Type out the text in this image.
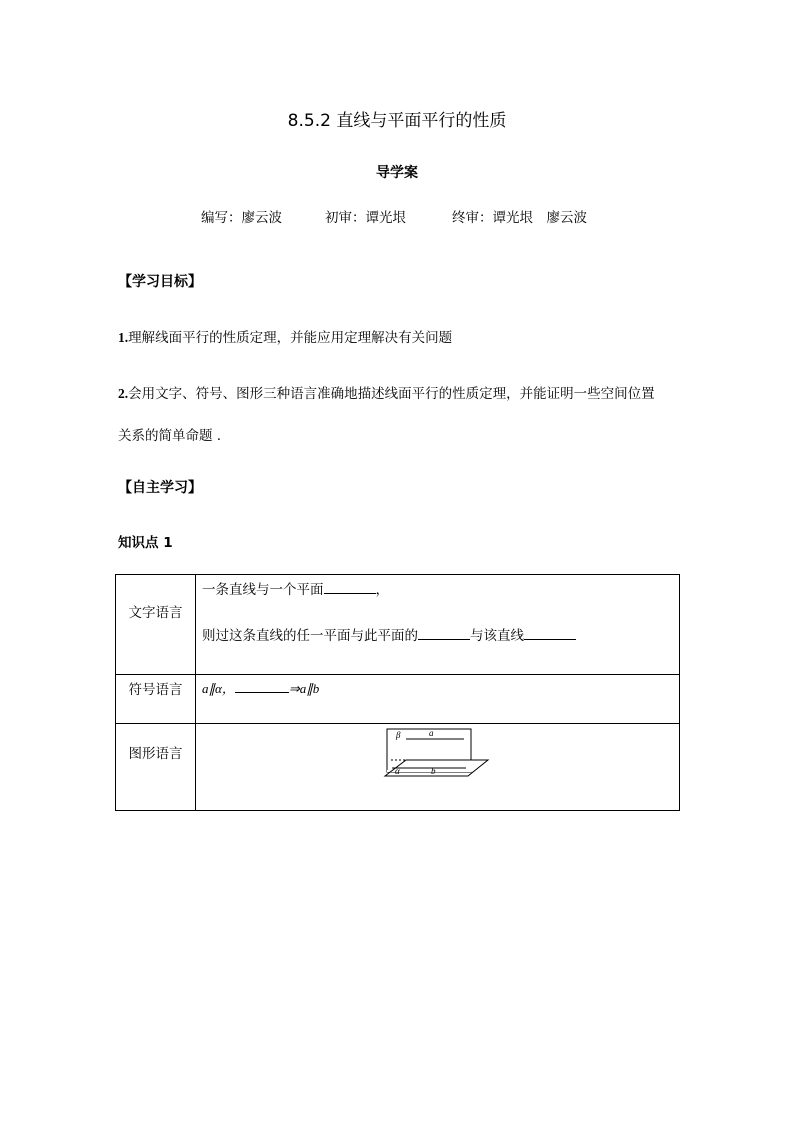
8.5.2 直线与平面平行的性质
导学案
编写：廖云波	初审：谭光垠	终审：谭光垠　廖云波
【学习目标】
1.理解线面平行的性质定理，并能应用定理解决有关问题
2.会用文字、符号、图形三种语言准确地描述线面平行的性质定理，并能证明一些空间位置
关系的简单命题 .
【自主学习】
知识点 1
文字语言	一条直线与一个平面 ，
则过这条直线的任一平面与此平面的 与该直线

符号语言	a∥α， ⇒a∥b

图形语言	β a
α b
